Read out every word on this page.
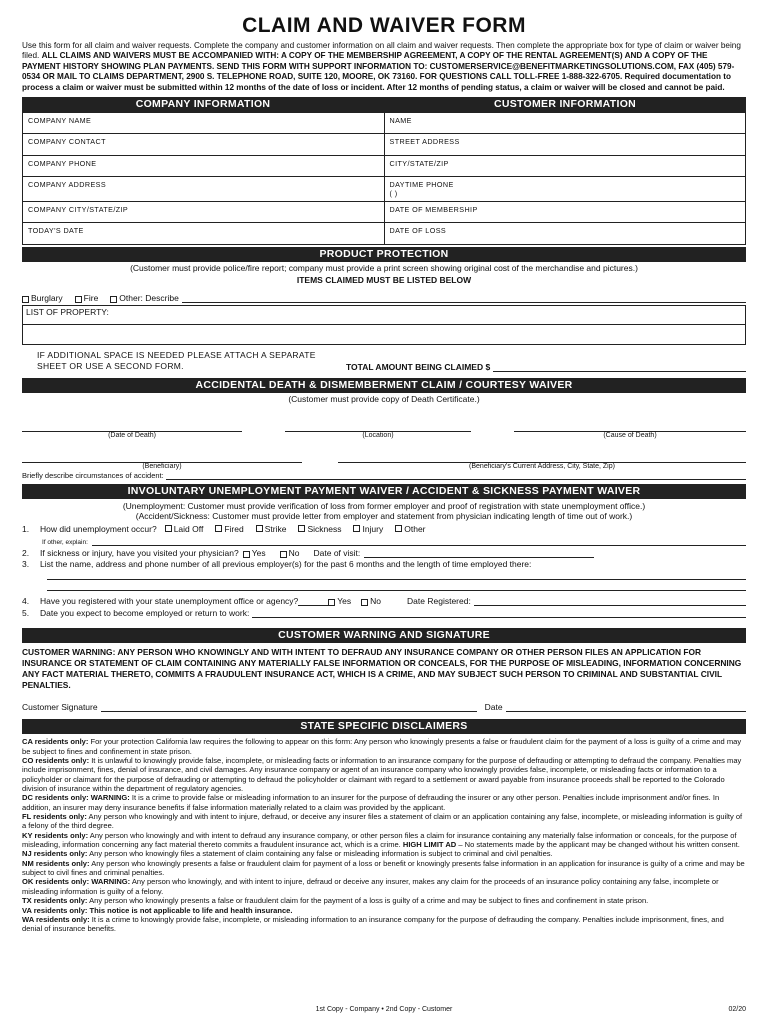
CLAIM AND WAIVER FORM
Use this form for all claim and waiver requests. Complete the company and customer information on all claim and waiver requests. Then complete the appropriate box for type of claim or waiver being filed. ALL CLAIMS AND WAIVERS MUST BE ACCOMPANIED WITH: A COPY OF THE MEMBERSHIP AGREEMENT, A COPY OF THE RENTAL AGREEMENT(S) AND A COPY OF THE PAYMENT HISTORY SHOWING PLAN PAYMENTS. SEND THIS FORM WITH SUPPORT INFORMATION TO: CUSTOMERSERVICE@BENEFITMARKETINGSOLUTIONS.COM, FAX (405) 579-0534 OR MAIL TO CLAIMS DEPARTMENT, 2900 S. TELEPHONE ROAD, SUITE 120, MOORE, OK 73160. FOR QUESTIONS CALL TOLL-FREE 1-888-322-6705. Required documentation to process a claim or waiver must be submitted within 12 months of the date of loss or incident. After 12 months of pending status, a claim or waiver will be closed and cannot be paid.
COMPANY INFORMATION	CUSTOMER INFORMATION
COMPANY NAME	NAME
COMPANY CONTACT	STREET ADDRESS
COMPANY PHONE	CITY/STATE/ZIP
COMPANY ADDRESS	DAYTIME PHONE
( )

COMPANY CITY/STATE/ZIP	DATE OF MEMBERSHIP
TODAY'S DATE	DATE OF LOSS
PRODUCT PROTECTION
(Customer must provide police/fire report; company must provide a print screen showing original cost of the merchandise and pictures.)
ITEMS CLAIMED MUST BE LISTED BELOW
Burglary Fire Other: Describe
LIST OF PROPERTY:
IF ADDITIONAL SPACE IS NEEDED PLEASE ATTACH A SEPARATE SHEET OR USE A SECOND FORM.	TOTAL AMOUNT BEING CLAIMED $
ACCIDENTAL DEATH & DISMEMBERMENT CLAIM / COURTESY WAIVER
(Customer must provide copy of Death Certificate.)
(Date of Death)	(Location)	(Cause of Death)
(Beneficiary)	(Beneficiary's Current Address, City, State, Zip)
Briefly describe circumstances of accident:
INVOLUNTARY UNEMPLOYMENT PAYMENT WAIVER / ACCIDENT & SICKNESS PAYMENT WAIVER
(Unemployment: Customer must provide verification of loss from former employer and proof of registration with state unemployment office.)
(Accident/Sickness: Customer must provide letter from employer and statement from physician indicating length of time out of work.)
1.	How did unemployment occur? Laid Off Fired Strike Sickness Injury Other
If other, explain:
2.	If sickness or injury, have you visited your physician? Yes	No Date of visit:
3.	List the name, address and phone number of all previous employer(s) for the past 6 months and the length of time employed there:
4.	Have you registered with your state unemployment office or agency?	Yes No	Date Registered:
5.	Date you expect to become employed or return to work:
CUSTOMER WARNING AND SIGNATURE
CUSTOMER WARNING: ANY PERSON WHO KNOWINGLY AND WITH INTENT TO DEFRAUD ANY INSURANCE COMPANY OR OTHER PERSON FILES AN APPLICATION FOR INSURANCE OR STATEMENT OF CLAIM CONTAINING ANY MATERIALLY FALSE INFORMATION OR CONCEALS, FOR THE PURPOSE OF MISLEADING, INFORMATION CONCERNING ANY FACT MATERIAL THERETO, COMMITS A FRAUDULENT INSURANCE ACT, WHICH IS A CRIME, AND MAY SUBJECT SUCH PERSON TO CRIMINAL AND SUBSTANTIAL CIVIL PENALTIES.
Customer Signature	Date
STATE SPECIFIC DISCLAIMERS
CA residents only: For your protection California law requires the following to appear on this form: Any person who knowingly presents a false or fraudulent claim for the payment of a loss is guilty of a crime and may be subject to fines and confinement in state prison.
CO residents only: It is unlawful to knowingly provide false, incomplete, or misleading facts or information to an insurance company for the purpose of defrauding or attempting to defraud the company. Penalties may include imprisonment, fines, denial of insurance, and civil damages. Any insurance company or agent of an insurance company who knowingly provides false, incomplete, or misleading facts or information to a policyholder or claimant for the purpose of defrauding or attempting to defraud the policyholder or claimant with regard to a settlement or award payable from insurance proceeds shall be reported to the Colorado division of insurance within the department of regulatory agencies.
DC residents only: WARNING: It is a crime to provide false or misleading information to an insurer for the purpose of defrauding the insurer or any other person. Penalties include imprisonment and/or fines. In addition, an insurer may deny insurance benefits if false information materially related to a claim was provided by the applicant.
FL residents only: Any person who knowingly and with intent to injure, defraud, or deceive any insurer files a statement of claim or an application containing any false, incomplete, or misleading information is guilty of a felony of the third degree.
KY residents only: Any person who knowingly and with intent to defraud any insurance company, or other person files a claim for insurance containing any materially false information or conceals, for the purpose of misleading, information concerning any fact material thereto commits a fraudulent insurance act, which is a crime. HIGH LIMIT AD – No statements made by the applicant may be changed without his written consent.
NJ residents only: Any person who knowingly files a statement of claim containing any false or misleading information is subject to criminal and civil penalties.
NM residents only: Any person who knowingly presents a false or fraudulent claim for payment of a loss or benefit or knowingly presents false information in an application for insurance is guilty of a crime and may be subject to civil fines and criminal penalties.
OK residents only: WARNING: Any person who knowingly, and with intent to injure, defraud or deceive any insurer, makes any claim for the proceeds of an insurance policy containing any false, incomplete or misleading information is guilty of a felony.
TX residents only: Any person who knowingly presents a false or fraudulent claim for the payment of a loss is guilty of a crime and may be subject to fines and confinement in state prison.
VA residents only: This notice is not applicable to life and health insurance.
WA residents only: It is a crime to knowingly provide false, incomplete, or misleading information to an insurance company for the purpose of defrauding the company. Penalties include imprisonment, fines, and denial of insurance benefits.
1st Copy - Company • 2nd Copy - Customer	02/20
